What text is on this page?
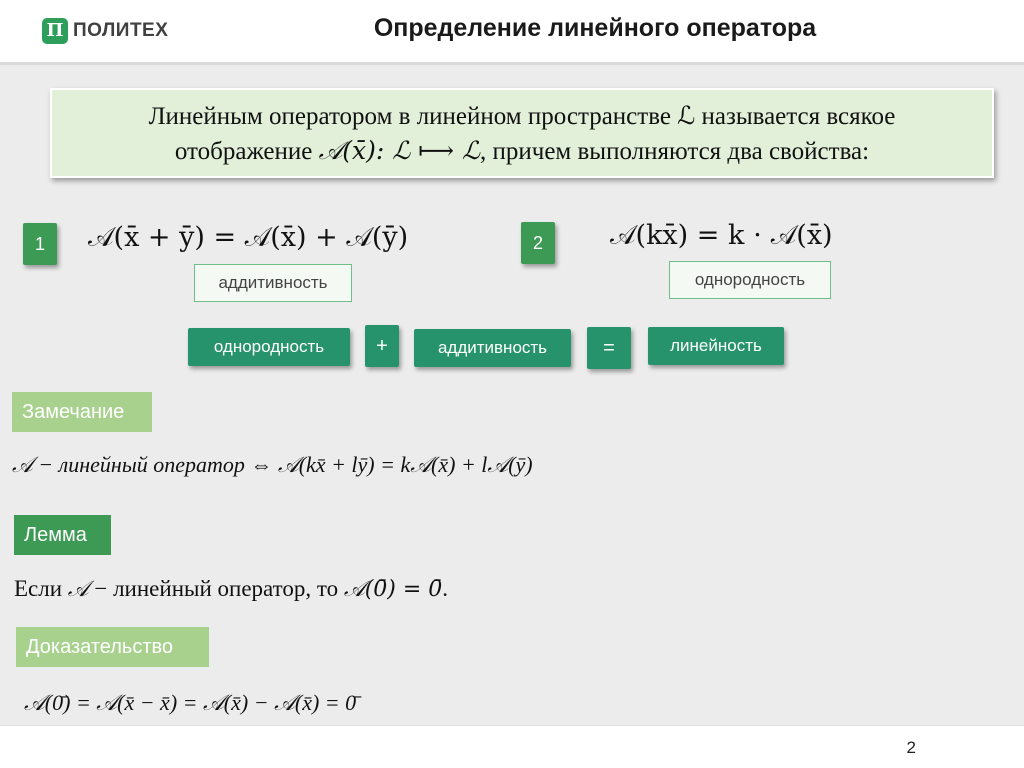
П ПОЛИТЕХ	Определение линейного оператора
Линейным оператором в линейном пространстве ℒ называется всякое
отображение 𝒜(x̄): ℒ ⟼ ℒ, причем выполняются два свойства:
1	𝒜(x̄ + ȳ) = 𝒜(x̄) + 𝒜(ȳ)
аддитивность
2	𝒜(kx̄) = k ⋅ 𝒜(x̄)
однородность
однородность	+	аддитивность	=	линейность
Замечание
𝒜 − линейный оператор ⇔ 𝒜(kx̄ + lȳ) = k𝒜(x̄) + l𝒜(ȳ)
Лемма
Если 𝒜 − линейный оператор, то 𝒜(0̄) = 0̄.
Доказательство
𝒜(0̄) = 𝒜(x̄ − x̄) = 𝒜(x̄) − 𝒜(x̄) = 0̄
2
